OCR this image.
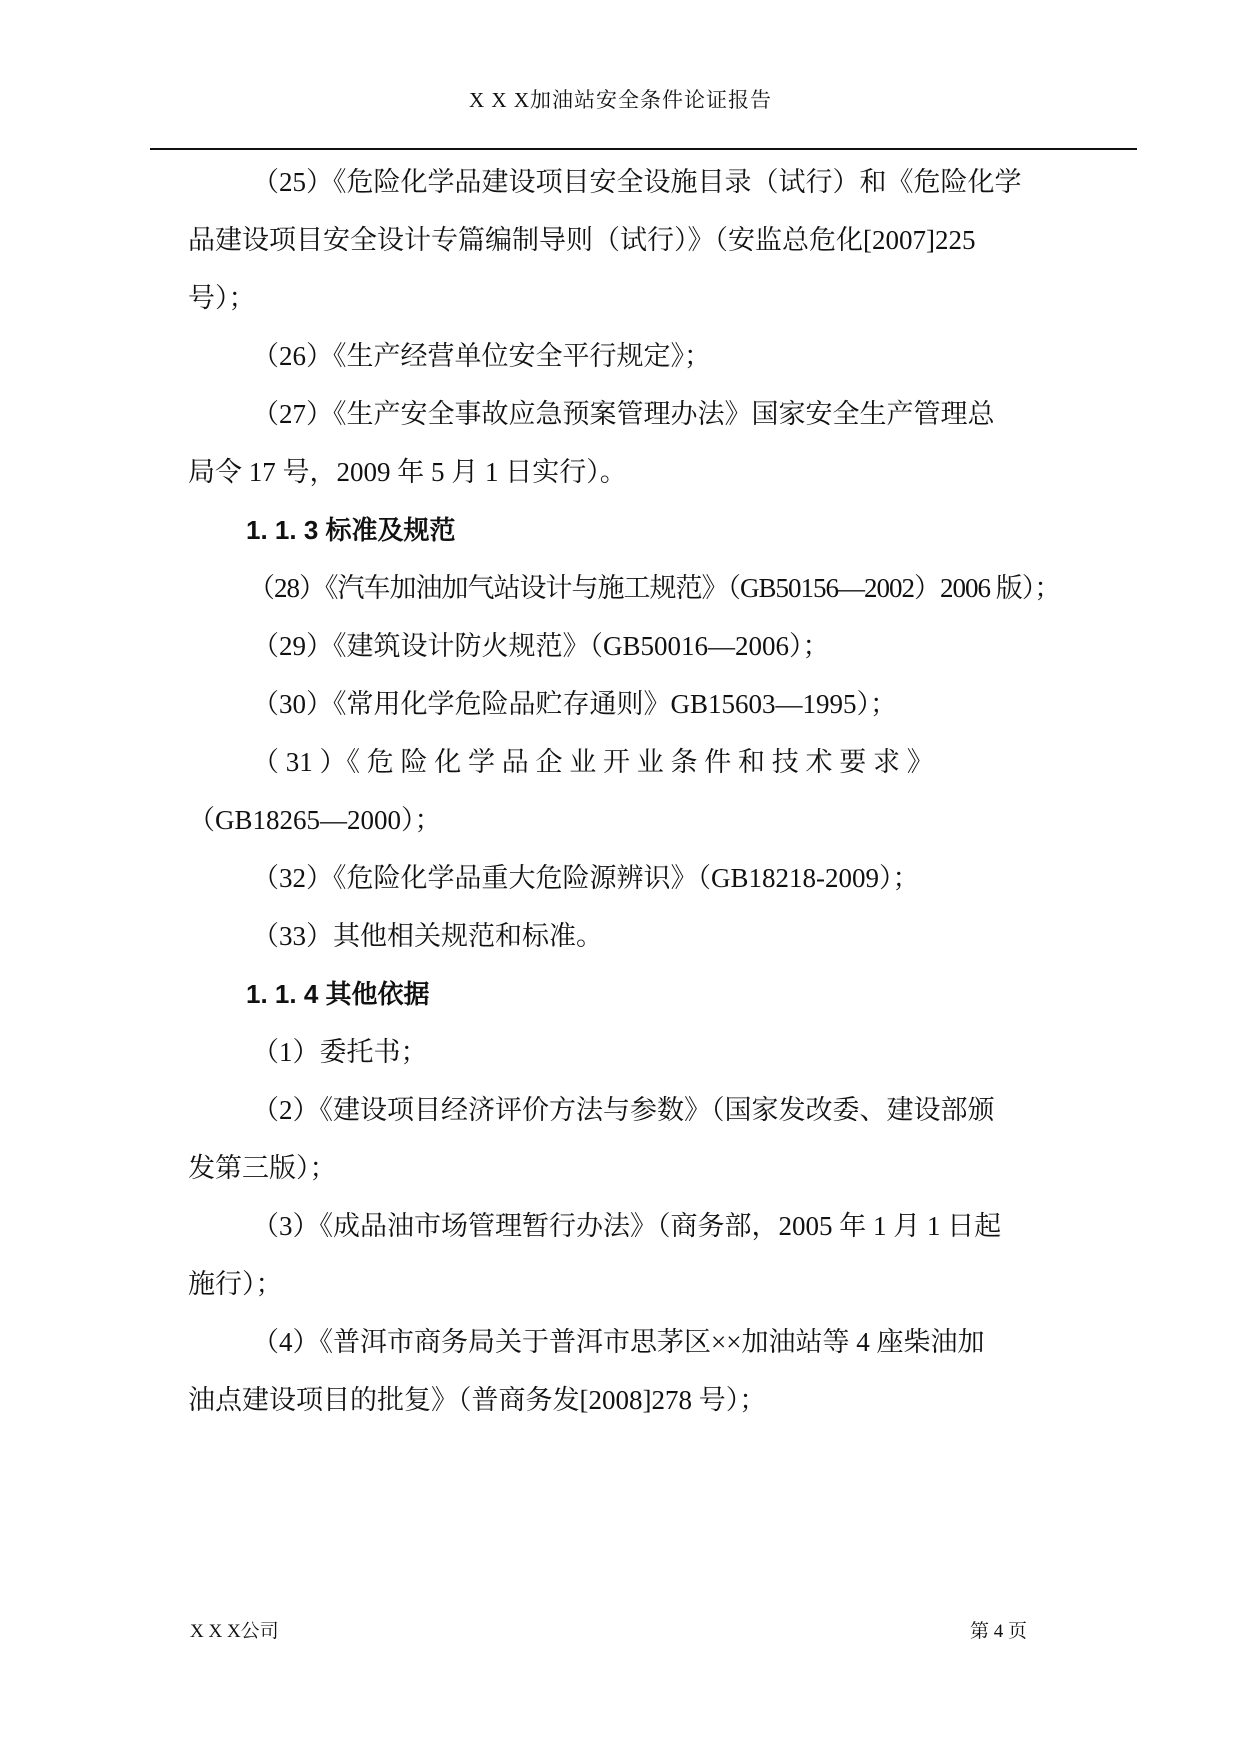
X X X加油站安全条件论证报告
（25）《危险化学品建设项目安全设施目录（试行）和《危险化学
品建设项目安全设计专篇编制导则（试行）》（安监总危化[2007]225
号）；
（26）《生产经营单位安全平行规定》；
（27）《生产安全事故应急预案管理办法》国家安全生产管理总
局令 17 号，2009 年 5 月 1 日实行）。
1. 1. 3 标准及规范
（28）《汽车加油加气站设计与施工规范》（GB50156—2002）2006 版）；
（29）《建筑设计防火规范》（GB50016—2006）；
（30）《常用化学危险品贮存通则》GB15603—1995）；
（ 31 ）《 危 险 化 学 品 企 业 开 业 条 件 和 技 术 要 求 》
（GB18265—2000）；
（32）《危险化学品重大危险源辨识》（GB18218-2009）；
（33）其他相关规范和标准。
1. 1. 4 其他依据
（1）委托书；
（2）《建设项目经济评价方法与参数》（国家发改委、建设部颁
发第三版）；
（3）《成品油市场管理暂行办法》（商务部，2005 年 1 月 1 日起
施行）；
（4）《普洱市商务局关于普洱市思茅区××加油站等 4 座柴油加
油点建设项目的批复》（普商务发[2008]278 号）；
X X X公司	第 4 页
